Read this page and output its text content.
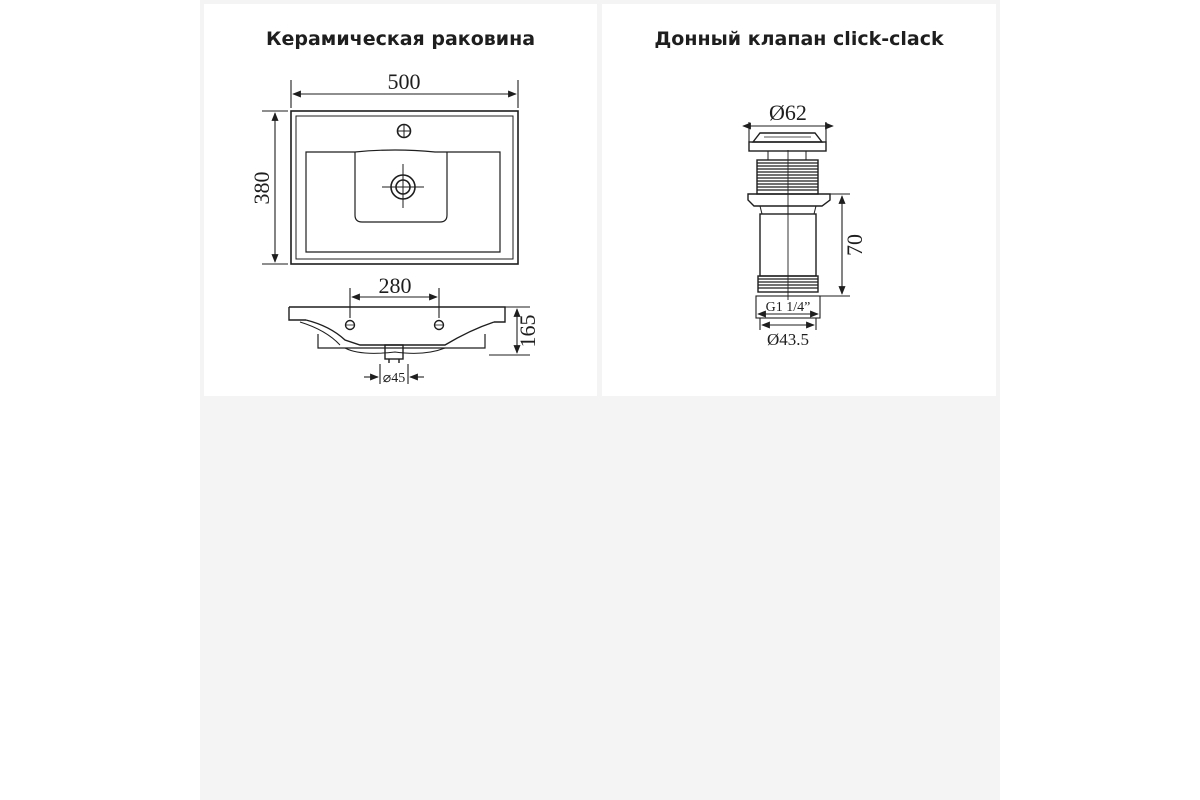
Керамическая раковина	Донный клапан click-clack
500
380
280
165
⌀45
Ø62
70
G1 1/4”
Ø43.5
